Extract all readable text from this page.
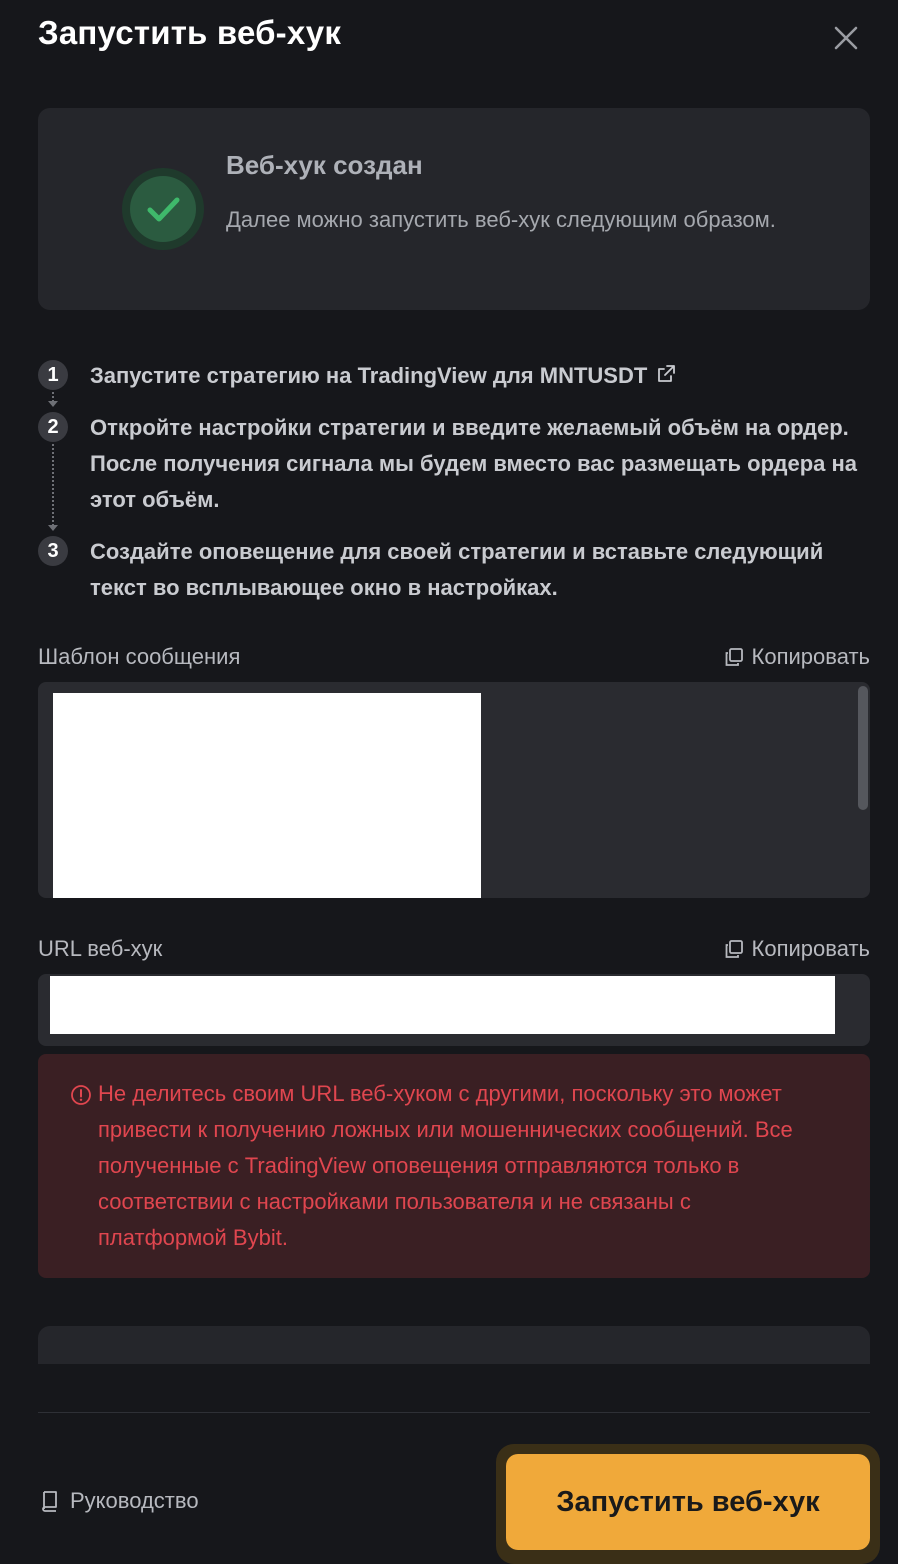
Запустить веб-хук
Веб-хук создан
Далее можно запустить веб-хук следующим образом.
1	Запустите стратегию на TradingView для MNTUSDT
2	Откройте настройки стратегии и введите желаемый объём на ордер. После получения сигнала мы будем вместо вас размещать ордера на этот объём.
3	Создайте оповещение для своей стратегии и вставьте следующий текст во всплывающее окно в настройках.
Шаблон сообщения	Копировать
URL веб-хук	Копировать
Не делитесь своим URL веб-хуком с другими, поскольку это может привести к получению ложных или мошеннических сообщений. Все полученные с TradingView оповещения отправляются только в соответствии с настройками пользователя и не связаны с платформой Bybit.
Руководство	Запустить веб-хук
